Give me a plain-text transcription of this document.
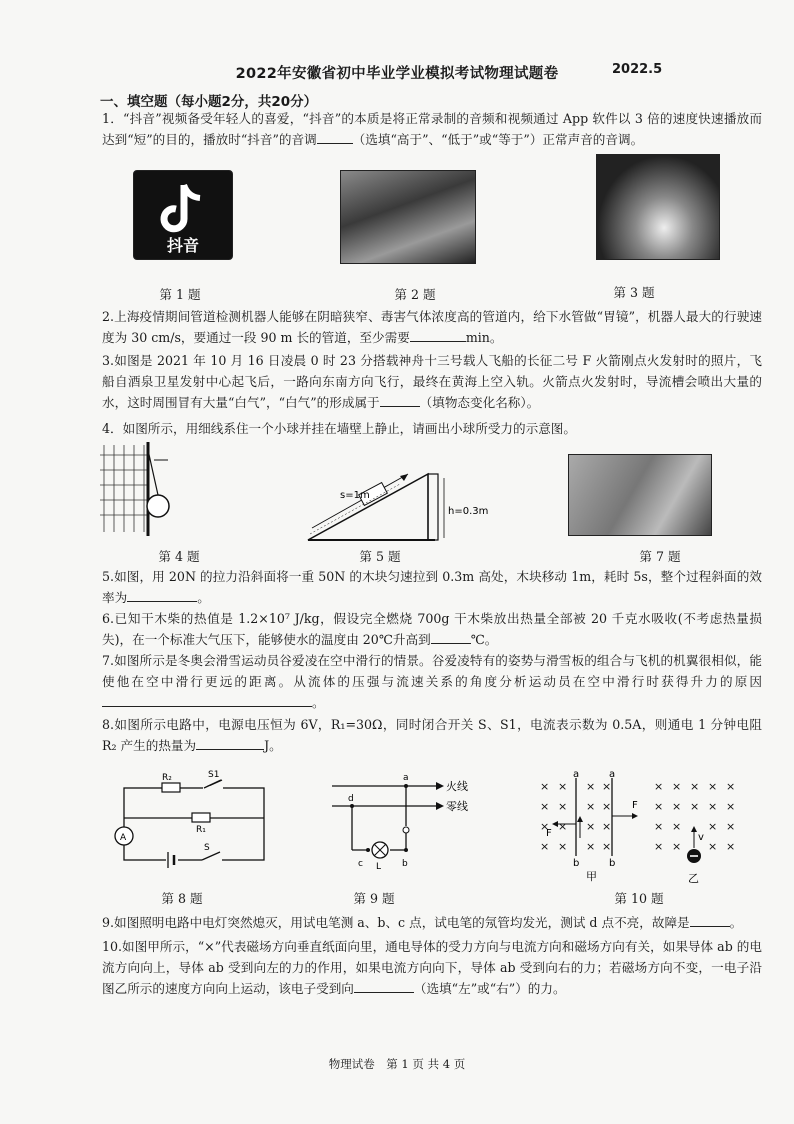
2022年安徽省初中毕业学业模拟考试物理试题卷	2022.5
一、填空题（每小题2分，共20分）
1．“抖音”视频备受年轻人的喜爱，“抖音”的本质是将正常录制的音频和视频通过 App 软件以 3 倍的速度快速播放而达到“短”的目的，播放时“抖音”的音调	（选填“高于”、“低于”或“等于”）正常声音的音调。
抖音
第 1 题	第 2 题	第 3 题
2.上海疫情期间管道检测机器人能够在阴暗狭窄、毒害气体浓度高的管道内，给下水管做“胃镜”，机器人最大的行驶速度为 30 cm/s，要通过一段 90 m 长的管道，至少需要	min。
3.如图是 2021 年 10 月 16 日凌晨 0 时 23 分搭载神舟十三号载人飞船的长征二号 F 火箭刚点火发射时的照片，飞船自酒泉卫星发射中心起飞后，一路向东南方向飞行，最终在黄海上空入轨。火箭点火发射时，导流槽会喷出大量的水，这时周围冒有大量“白气”，“白气”的形成属于	（填物态变化名称）。
4．如图所示，用细线系住一个小球并挂在墙壁上静止，请画出小球所受力的示意图。
s=1m
h=0.3m
第 4 题	第 5 题	第 7 题
5.如图，用 20N 的拉力沿斜面将一重 50N 的木块匀速拉到 0.3m 高处，木块移动 1m，耗时 5s，整个过程斜面的效率为	。
6.已知干木柴的热值是 1.2×10⁷ J/kg，假设完全燃烧 700g 干木柴放出热量全部被 20 千克水吸收(不考虑热量损失)，在一个标准大气压下，能够使水的温度由 20℃升高到	℃。
7.如图所示是冬奥会滑雪运动员谷爱凌在空中滑行的情景。谷爱凌特有的姿势与滑雪板的组合与飞机的机翼很相似，能使他在空中滑行更远的距离。从流体的压强与流速关系的角度分析运动员在空中滑行时获得升力的原因。
8.如图所示电路中，电源电压恒为 6V，R₁=30Ω，同时闭合开关 S、S1，电流表示数为 0.5A，则通电 1 分钟电阻 R₂ 产生的热量为	J。
R₂	S1
R₁
A
S
a
d
c L b
火线
零线
× × × ×
× × × ×
× × × ×
× × × ×
× × × × ×
× × × × ×
× × × ×
× × × ×
a	a
b	b
F
F
v
甲	乙
第 8 题	第 9 题	第 10 题
9.如图照明电路中电灯突然熄灭，用试电笔测 a、b、c 点，试电笔的氖管均发光，测试 d 点不亮，故障是	。
10.如图甲所示，“×”代表磁场方向垂直纸面向里，通电导体的受力方向与电流方向和磁场方向有关，如果导体 ab 的电流方向向上，导体 ab 受到向左的力的作用，如果电流方向向下，导体 ab 受到向右的力；若磁场方向不变，一电子沿图乙所示的速度方向向上运动，该电子受到向	（选填“左”或“右”）的力。
物理试卷　第 1 页 共 4 页
